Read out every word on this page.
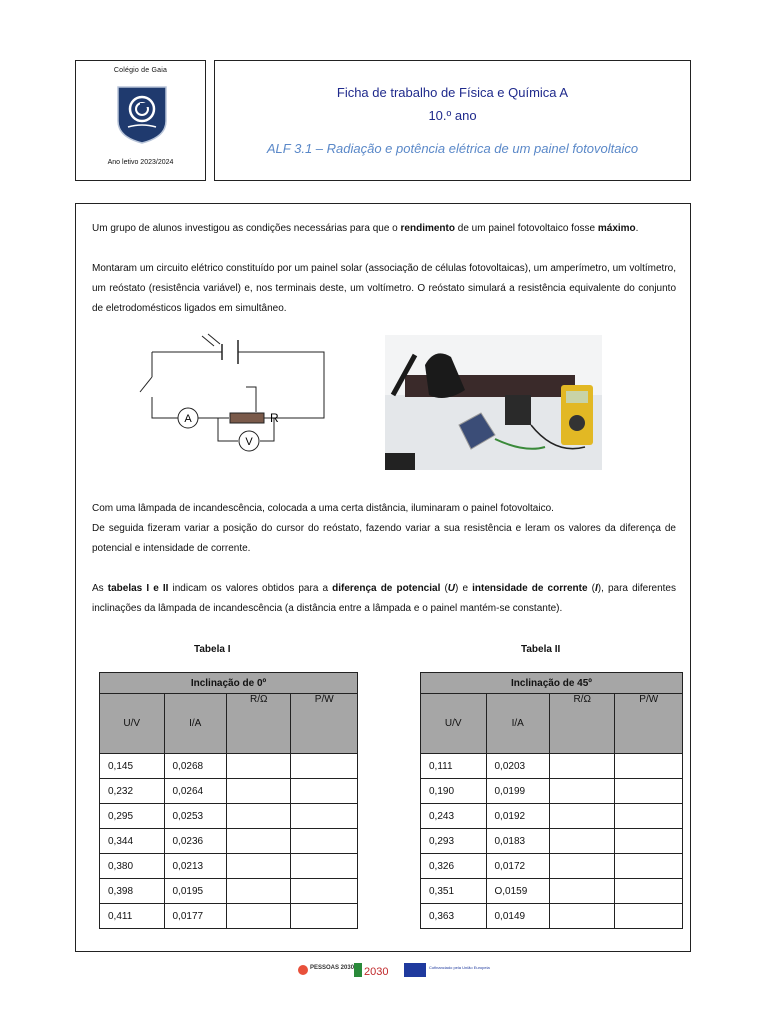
Colégio de Gaia
Ano letivo 2023/2024
Ficha de trabalho de Física e Química A
10.º ano
ALF 3.1 – Radiação e potência elétrica de um painel fotovoltaico
Um grupo de alunos investigou as condições necessárias para que o rendimento de um painel fotovoltaico fosse máximo.
Montaram um circuito elétrico constituído por um painel solar (associação de células fotovoltaicas), um amperímetro, um voltímetro, um reóstato (resistência variável) e, nos terminais deste, um voltímetro. O reóstato simulará a resistência equivalente do conjunto de eletrodomésticos ligados em simultâneo.
A
V
R
Com uma lâmpada de incandescência, colocada a uma certa distância, iluminaram o painel fotovoltaico.
De seguida fizeram variar a posição do cursor do reóstato, fazendo variar a sua resistência e leram os valores da diferença de potencial e intensidade de corrente.
As tabelas I e II indicam os valores obtidos para a diferença de potencial (U) e intensidade de corrente (I), para diferentes inclinações da lâmpada de incandescência (a distância entre a lâmpada e o painel mantém-se constante).
Tabela I	Tabela II
Inclinação de 0º			
U/V	I/A	R/Ω	P/W
0,145	0,0268		
0,232	0,0264		
0,295	0,0253		
0,344	0,0236		
0,380	0,0213		
0,398	0,0195		
0,411	0,0177		
Inclinação de 45º			
U/V	I/A	R/Ω	P/W
0,111	0,0203		
0,190	0,0199		
0,243	0,0192		
0,293	0,0183		
0,326	0,0172		
0,351	O,0159		
0,363	0,0149		
PESSOAS 2030 2030	Cofinanciado pela União Europeia
